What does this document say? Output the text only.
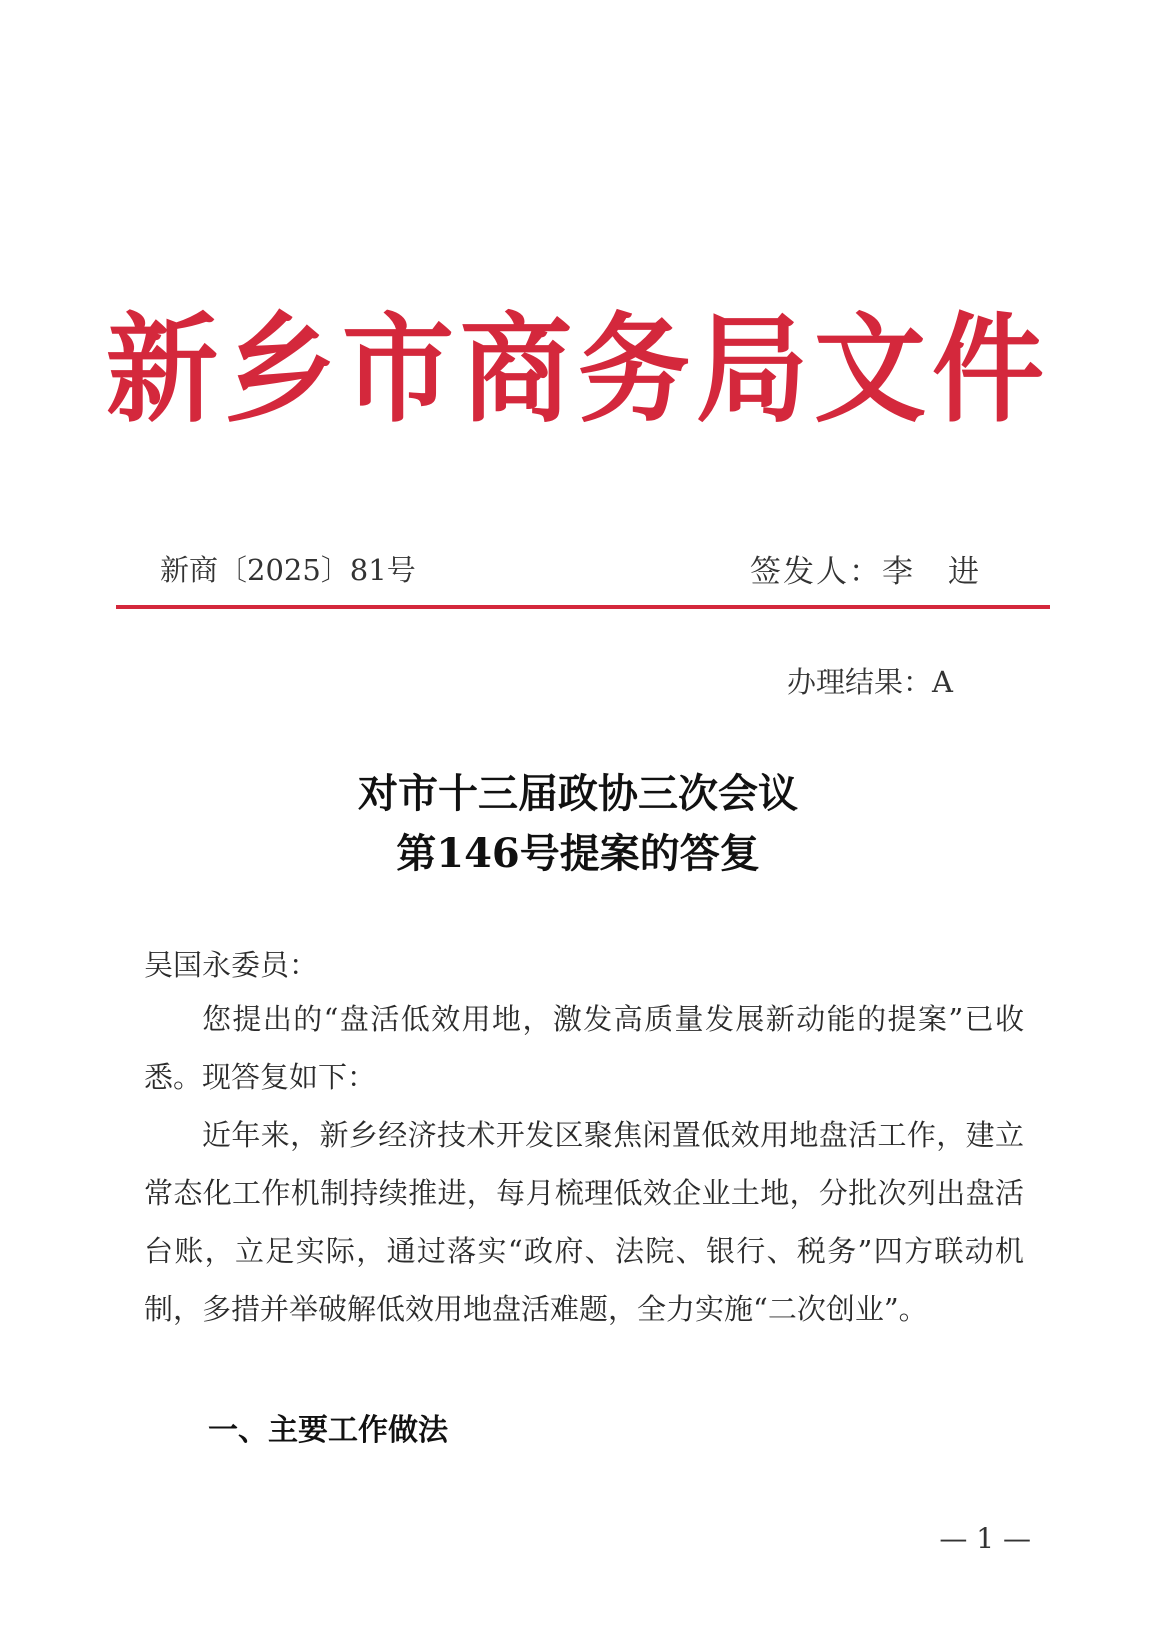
新乡市商务局文件
新商〔2025〕81号	签发人：李　进
办理结果：A
对市十三届政协三次会议
第146号提案的答复
吴国永委员：

您提出的“盘活低效用地，激发高质量发展新动能的提案”已收悉。现答复如下：

近年来，新乡经济技术开发区聚焦闲置低效用地盘活工作，建立常态化工作机制持续推进，每月梳理低效企业土地，分批次列出盘活台账，立足实际，通过落实“政府、法院、银行、税务”四方联动机制，多措并举破解低效用地盘活难题，全力实施“二次创业”。

一、主要工作做法
— 1 —
